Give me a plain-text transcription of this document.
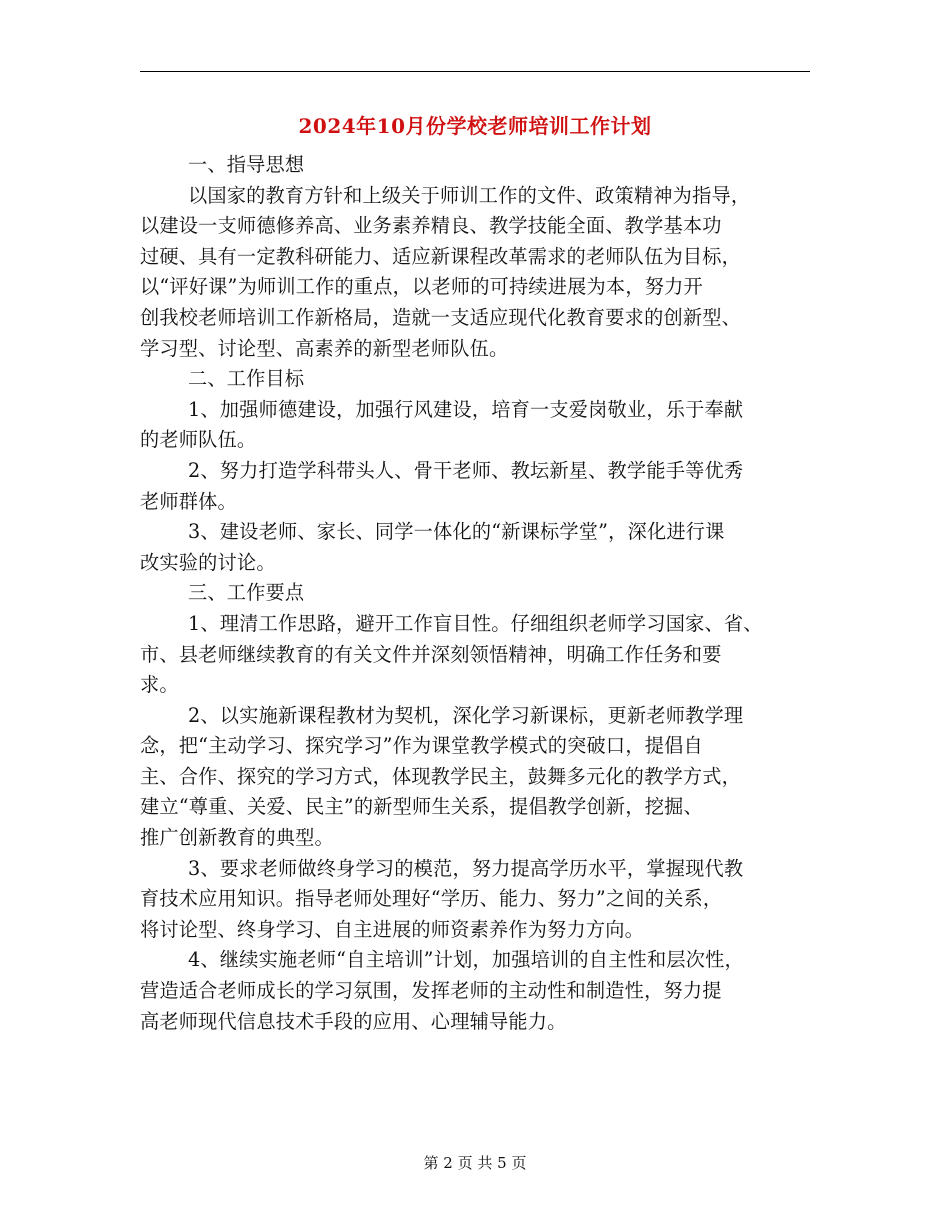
2024年10月份学校老师培训工作计划
一、指导思想
以国家的教育方针和上级关于师训工作的文件、政策精神为指导，
以建设一支师德修养高、业务素养精良、教学技能全面、教学基本功
过硬、具有一定教科研能力、适应新课程改革需求的老师队伍为目标，
以“评好课”为师训工作的重点，以老师的可持续进展为本，努力开
创我校老师培训工作新格局，造就一支适应现代化教育要求的创新型、
学习型、讨论型、高素养的新型老师队伍。
二、工作目标
1、加强师德建设，加强行风建设，培育一支爱岗敬业，乐于奉献
的老师队伍。
2、努力打造学科带头人、骨干老师、教坛新星、教学能手等优秀
老师群体。
3、建设老师、家长、同学一体化的“新课标学堂”，深化进行课
改实验的讨论。
三、工作要点
1、理清工作思路，避开工作盲目性。仔细组织老师学习国家、省、
市、县老师继续教育的有关文件并深刻领悟精神，明确工作任务和要
求。
2、以实施新课程教材为契机，深化学习新课标，更新老师教学理
念，把“主动学习、探究学习”作为课堂教学模式的突破口，提倡自
主、合作、探究的学习方式，体现教学民主，鼓舞多元化的教学方式，
建立“尊重、关爱、民主”的新型师生关系，提倡教学创新，挖掘、
推广创新教育的典型。
3、要求老师做终身学习的模范，努力提高学历水平，掌握现代教
育技术应用知识。指导老师处理好“学历、能力、努力”之间的关系，
将讨论型、终身学习、自主进展的师资素养作为努力方向。
4、继续实施老师“自主培训”计划，加强培训的自主性和层次性，
营造适合老师成长的学习氛围，发挥老师的主动性和制造性，努力提
高老师现代信息技术手段的应用、心理辅导能力。
第 2 页 共 5 页
